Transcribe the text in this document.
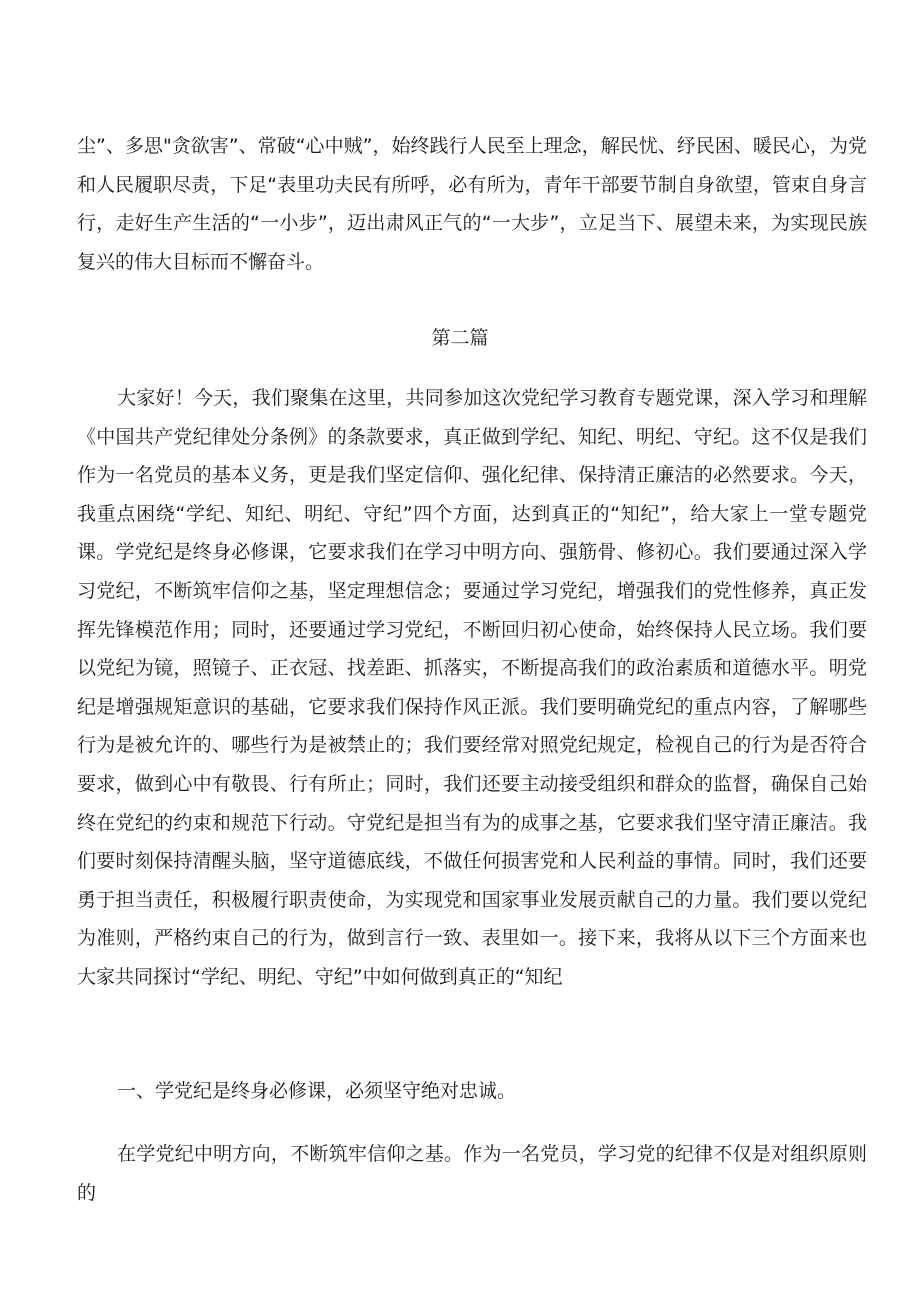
尘”、多思"贪欲害”、常破“心中贼”，始终践行人民至上理念，解民忧、纾民困、暖民心，为党和人民履职尽责，下足“表里功夫民有所呼，必有所为，青年干部要节制自身欲望，管束自身言行，走好生产生活的“一小步”，迈出肃风正气的“一大步”，立足当下、展望未来，为实现民族复兴的伟大目标而不懈奋斗。

第二篇

大家好！今天，我们聚集在这里，共同参加这次党纪学习教育专题党课，深入学习和理解《中国共产党纪律处分条例》的条款要求，真正做到学纪、知纪、明纪、守纪。这不仅是我们作为一名党员的基本义务，更是我们坚定信仰、强化纪律、保持清正廉洁的必然要求。今天，我重点困绕“学纪、知纪、明纪、守纪”四个方面，达到真正的“知纪”，给大家上一堂专题党课。学党纪是终身必修课，它要求我们在学习中明方向、强筋骨、修初心。我们要通过深入学习党纪，不断筑牢信仰之基，坚定理想信念；要通过学习党纪，增强我们的党性修养，真正发挥先锋模范作用；同时，还要通过学习党纪，不断回归初心使命，始终保持人民立场。我们要以党纪为镜，照镜子、正衣冠、找差距、抓落实，不断提高我们的政治素质和道德水平。明党纪是增强规矩意识的基础，它要求我们保持作风正派。我们要明确党纪的重点内容，了解哪些行为是被允许的、哪些行为是被禁止的；我们要经常对照党纪规定，检视自己的行为是否符合要求，做到心中有敬畏、行有所止；同时，我们还要主动接受组织和群众的监督，确保自己始终在党纪的约束和规范下行动。守党纪是担当有为的成事之基，它要求我们坚守清正廉洁。我们要时刻保持清醒头脑，坚守道德底线，不做任何损害党和人民利益的事情。同时，我们还要勇于担当责任，积极履行职责使命，为实现党和国家事业发展贡献自己的力量。我们要以党纪为准则，严格约束自己的行为，做到言行一致、表里如一。接下来，我将从以下三个方面来也大家共同探讨“学纪、明纪、守纪”中如何做到真正的“知纪

一、学党纪是终身必修课，必须坚守绝对忠诚。

在学党纪中明方向，不断筑牢信仰之基。作为一名党员，学习党的纪律不仅是对组织原则的
